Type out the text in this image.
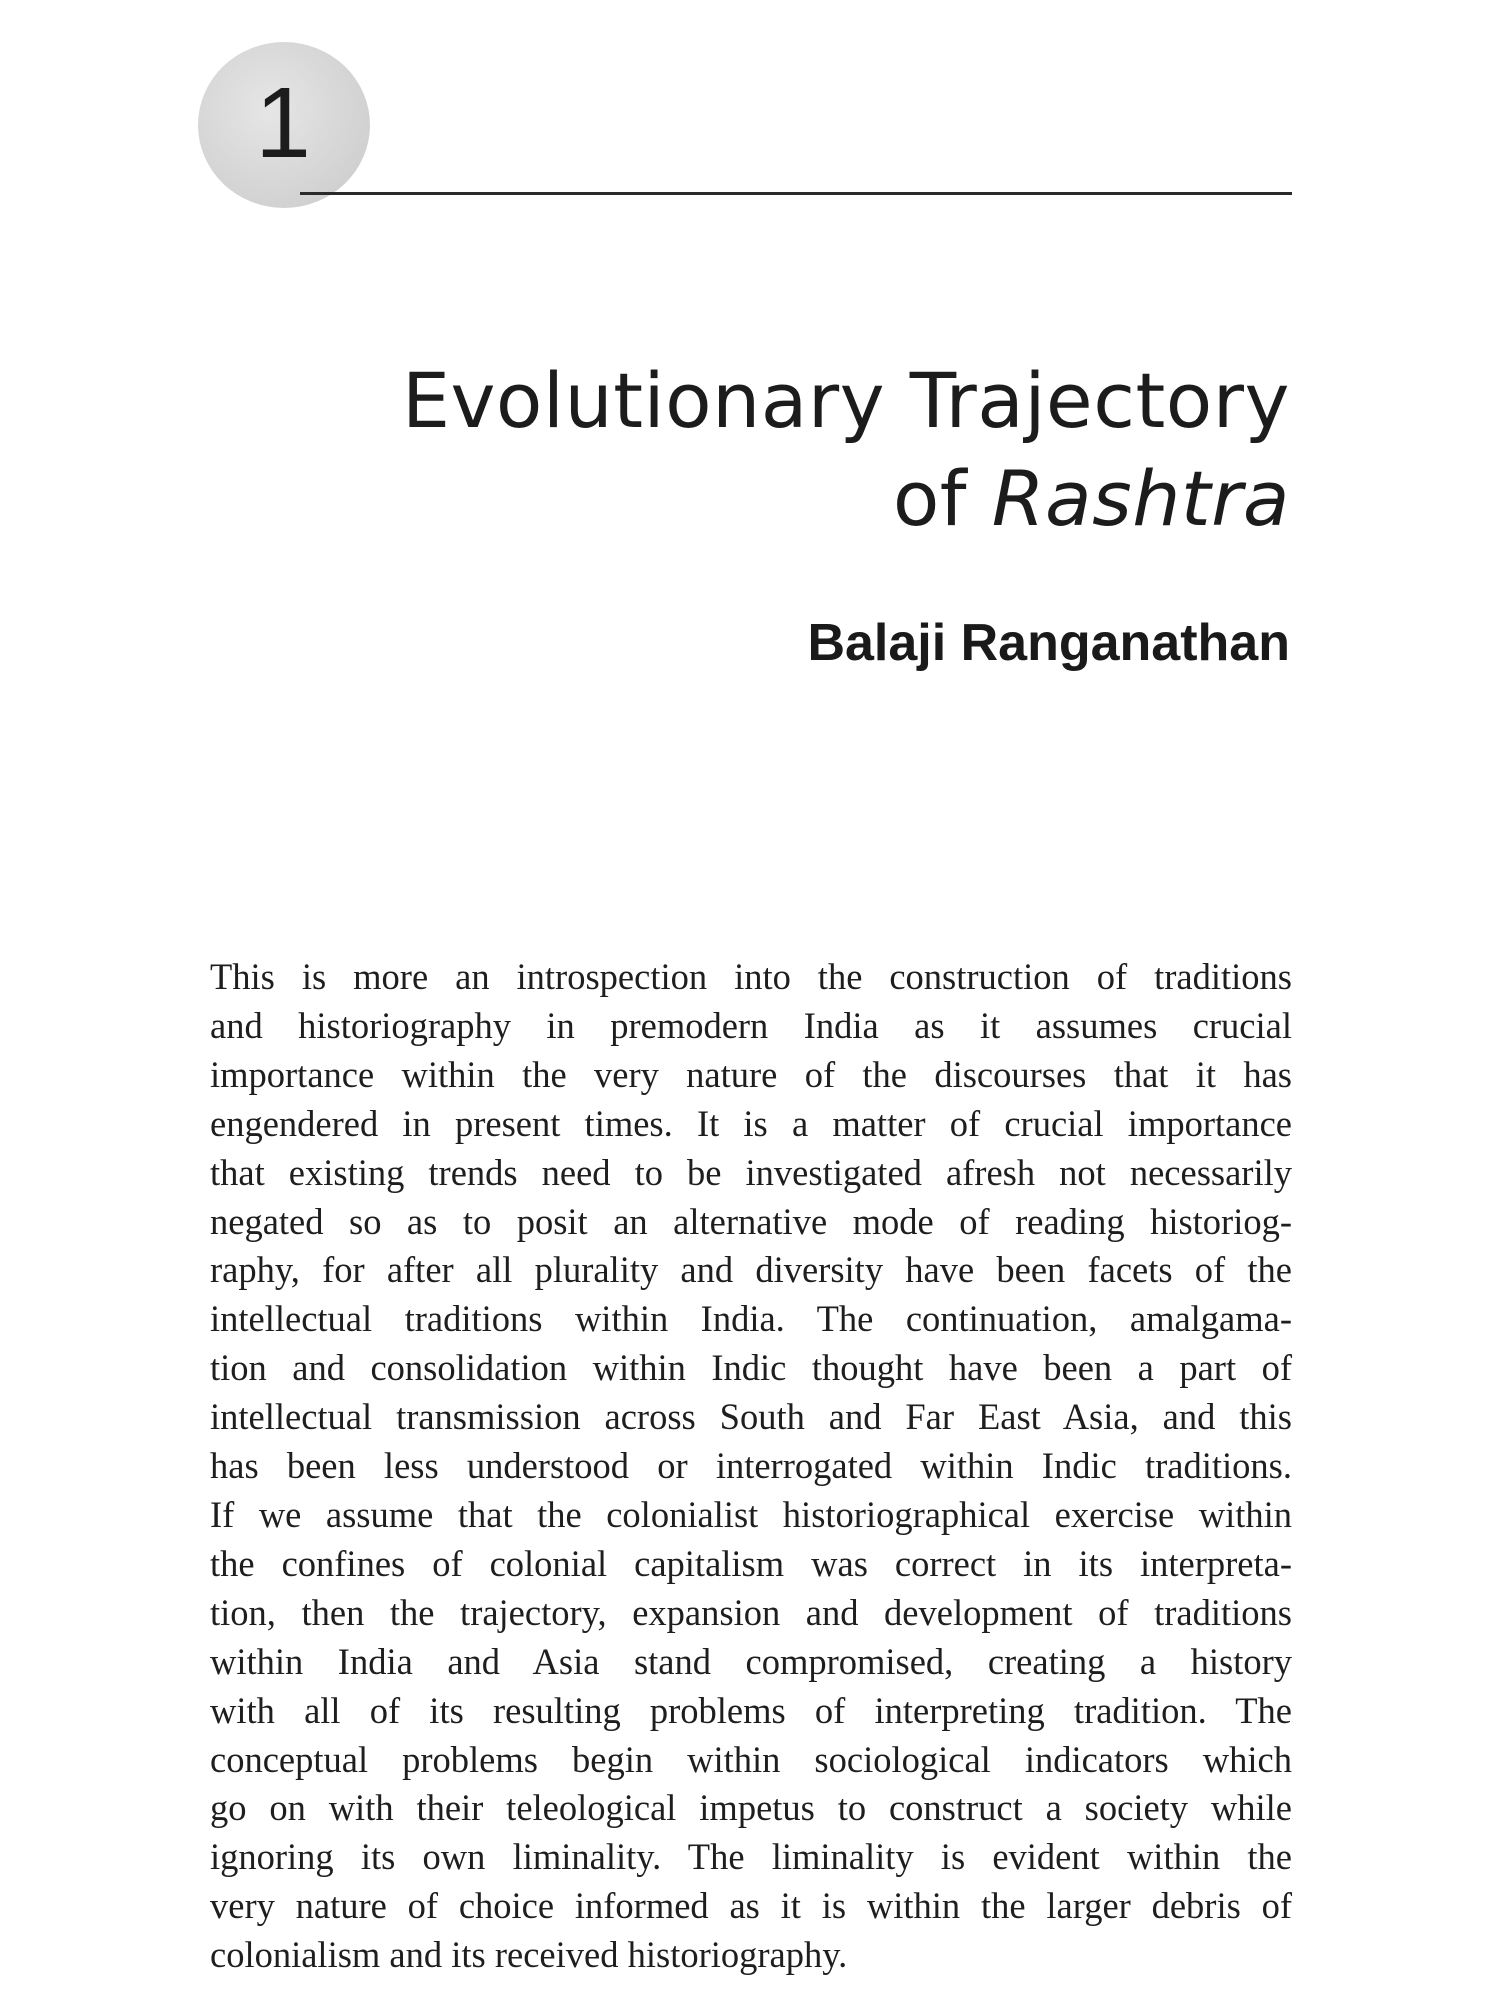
1
Evolutionary Trajectory
of Rashtra
Balaji Ranganathan

This is more an introspection into the construction of traditions
and historiography in premodern India as it assumes crucial
importance within the very nature of the discourses that it has
engendered in present times. It is a matter of crucial importance
that existing trends need to be investigated afresh not necessarily
negated so as to posit an alternative mode of reading historiog-
raphy, for after all plurality and diversity have been facets of the
intellectual traditions within India. The continuation, amalgama-
tion and consolidation within Indic thought have been a part of
intellectual transmission across South and Far East Asia, and this
has been less understood or interrogated within Indic traditions.
If we assume that the colonialist historiographical exercise within
the confines of colonial capitalism was correct in its interpreta-
tion, then the trajectory, expansion and development of traditions
within India and Asia stand compromised, creating a history
with all of its resulting problems of interpreting tradition. The
conceptual problems begin within sociological indicators which
go on with their teleological impetus to construct a society while
ignoring its own liminality. The liminality is evident within the
very nature of choice informed as it is within the larger debris of
colonialism and its received historiography.
